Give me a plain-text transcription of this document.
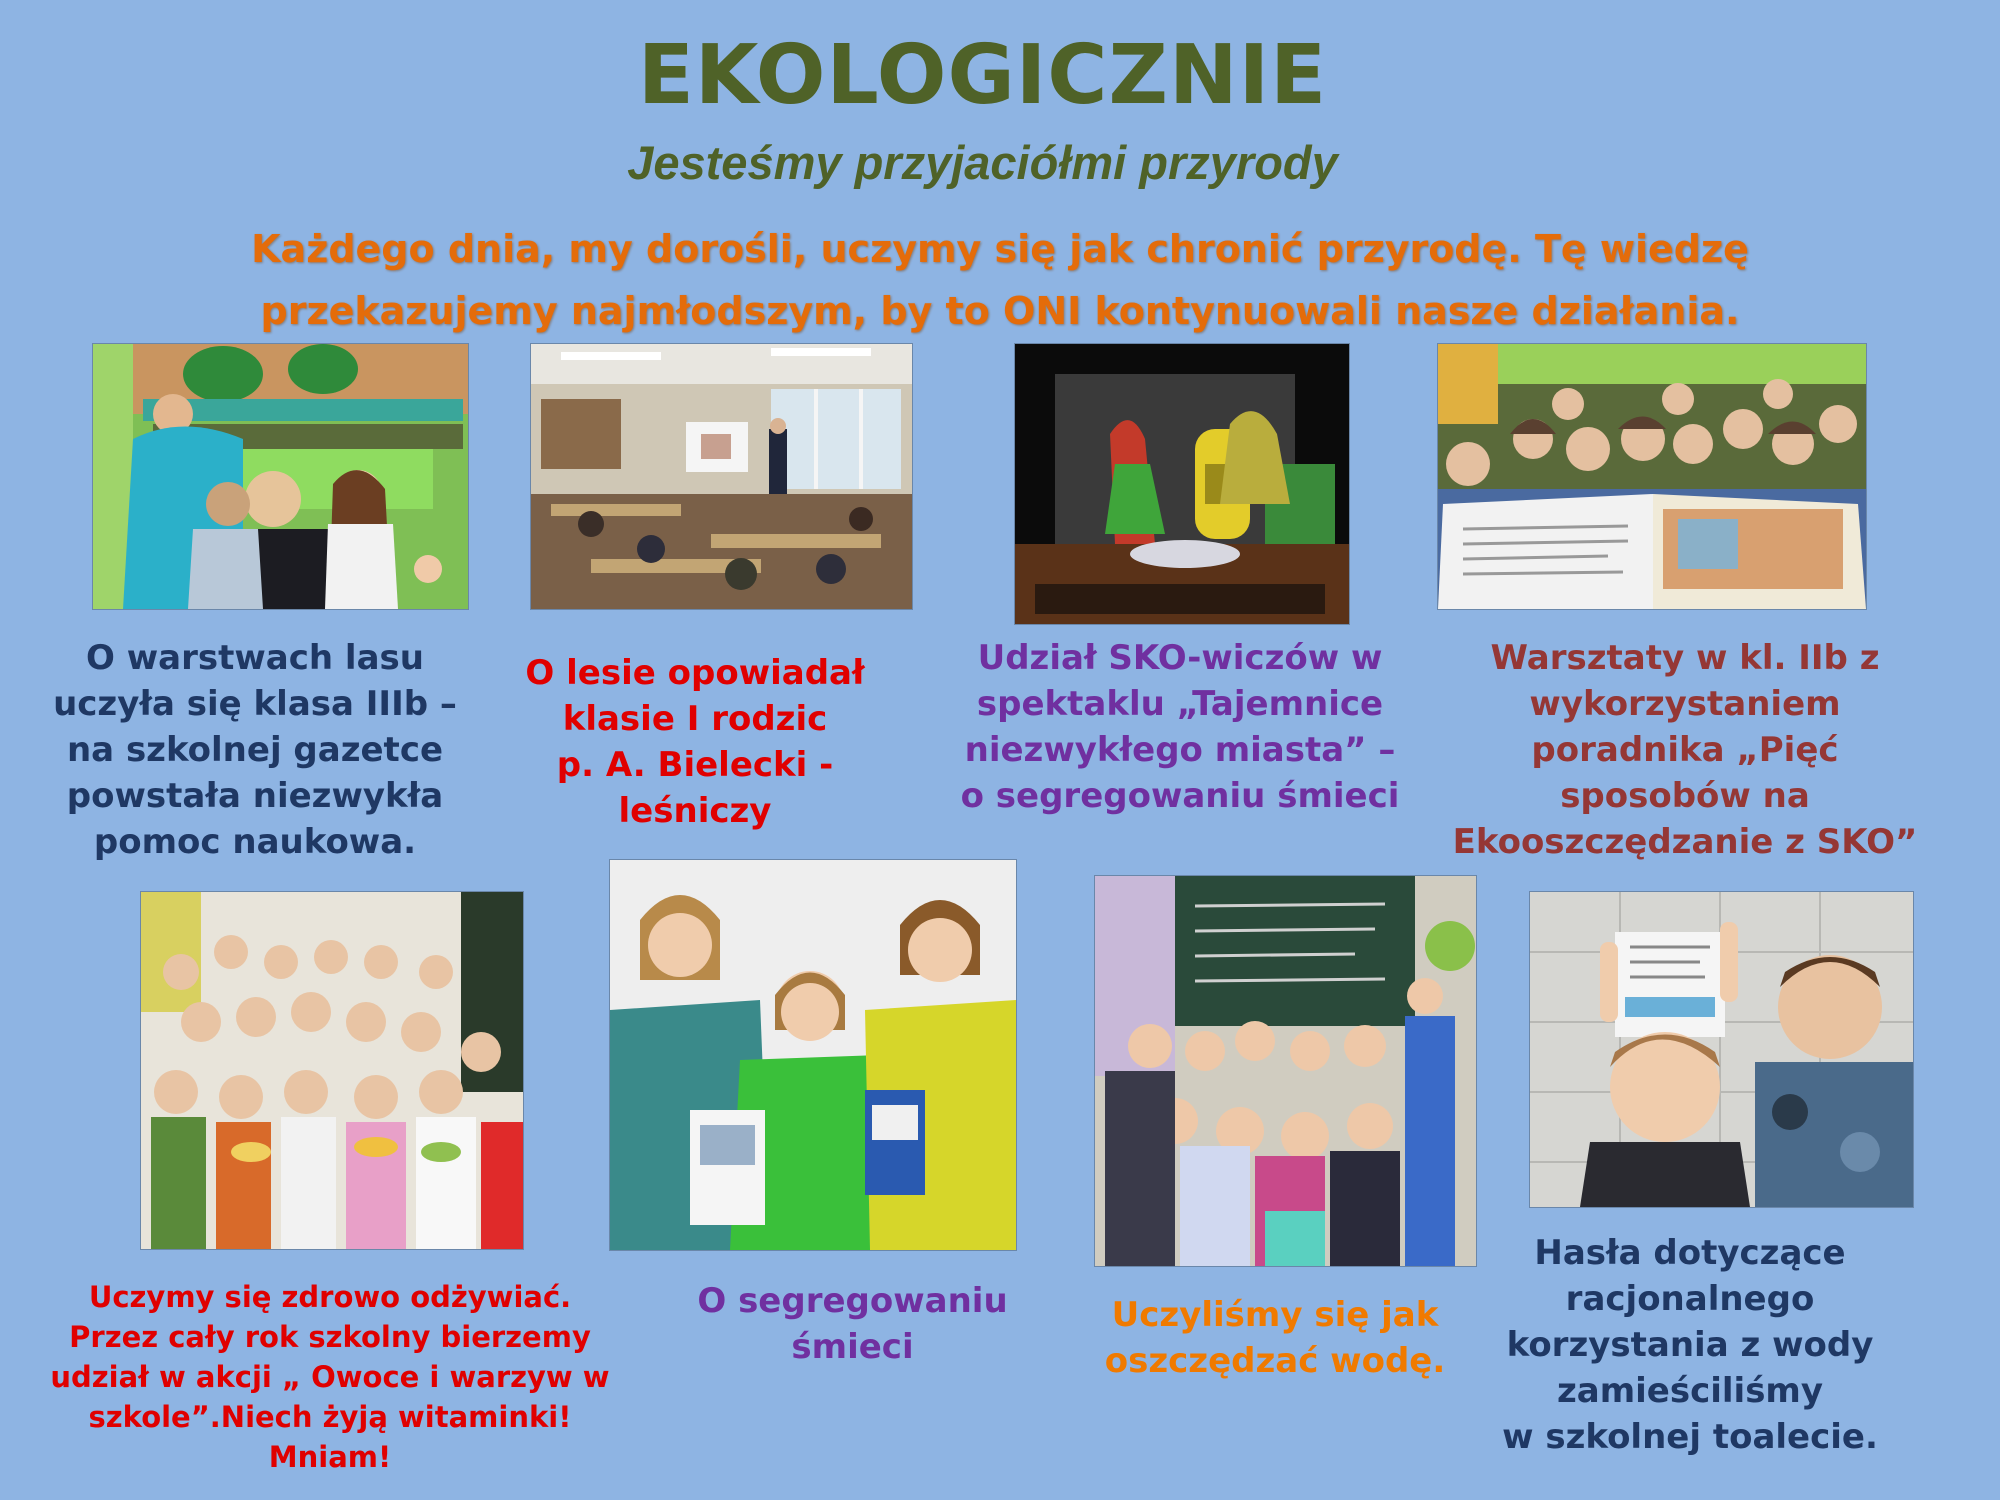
EKOLOGICZNIE
Jesteśmy przyjaciółmi przyrody
Każdego dnia, my dorośli, uczymy się jak chronić przyrodę. Tę wiedzę przekazujemy najmłodszym, by to ONI kontynuowali nasze działania.
O warstwach lasu
uczyła się klasa IIIb –
na szkolnej gazetce
powstała niezwykła
pomoc naukowa.
O lesie opowiadał
klasie I rodzic
p. A. Bielecki -
leśniczy
Udział SKO-wiczów w
spektaklu „Tajemnice
niezwykłego miasta” –
o segregowaniu śmieci
Warsztaty w kl. IIb z
wykorzystaniem
poradnika „Pięć
sposobów na
Ekooszczędzanie z SKO”
Uczymy się zdrowo odżywiać.
Przez cały rok szkolny bierzemy
udział w akcji „ Owoce i warzyw w
szkole”.Niech żyją witaminki!
Mniam!
O segregowaniu
śmieci
Uczyliśmy się jak
oszczędzać wodę.
Hasła dotyczące
racjonalnego
korzystania z wody
zamieściliśmy
w szkolnej toalecie.
